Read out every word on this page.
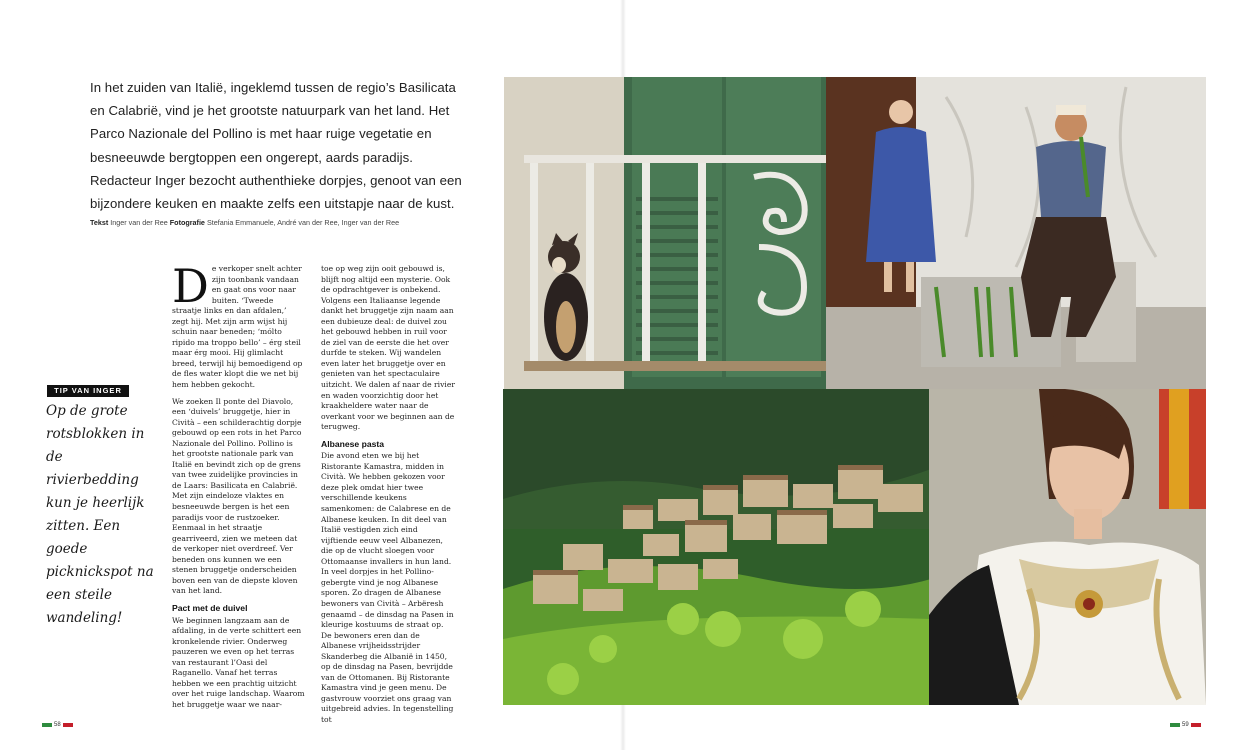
In het zuiden van Italië, ingeklemd tussen de regio’s Basilicata en Calabrië, vind je het grootste natuurpark van het land. Het Parco Nazionale del Pollino is met haar ruige vegetatie en besneeuwde bergtoppen een ongerept, aards paradijs. Redacteur Inger bezocht authenthieke dorpjes, genoot van een bijzondere keuken en maakte zelfs een uitstapje naar de kust.
Tekst Inger van der Ree Fotografie Stefania Emmanuele, André van der Ree, Inger van der Ree
TIP VAN INGER
Op de grote rotsblokken in de rivierbedding kun je heerlijk zitten. Een goede picknickspot na een steile wandeling!

De verkoper snelt achter zijn toonbank vandaan en gaat ons voor naar buiten. ‘Tweede straatje links en dan afdalen,’ zegt hij. Met zijn arm wijst hij schuin naar beneden; ‘mólto ripido ma troppo bello’ – érg steil maar érg mooi. Hij glimlacht breed, terwijl hij bemoedigend op de fles water klopt die we net bij hem hebben gekocht.

We zoeken Il ponte del Diavolo, een ‘duivels’ bruggetje, hier in Cività – een schilderachtig dorpje gebouwd op een rots in het Parco Nazionale del Pollino. Pollino is het grootste nationale park van Italië en bevindt zich op de grens van twee zuidelijke provincies in de Laars: Basilicata en Calabrië. Met zijn eindeloze vlaktes en besneeuwde bergen is het een paradijs voor de rustzoeker. Eenmaal in het straatje gearriveerd, zien we meteen dat de verkoper niet overdreef. Ver beneden ons kunnen we een stenen bruggetje onderscheiden boven een van de diepste kloven van het land.

Pact met de duivel

We beginnen langzaam aan de afdaling, in de verte schittert een kronkelende rivier. Onderweg pauzeren we even op het terras van restaurant l’Oasi del Raganello. Vanaf het terras hebben we een prachtig uitzicht over het ruige landschap. Waarom het bruggetje waar we naar-

toe op weg zijn ooit gebouwd is, blijft nog altijd een mysterie. Ook de opdrachtgever is onbekend. Volgens een Italiaanse legende dankt het bruggetje zijn naam aan een dubieuze deal: de duivel zou het gebouwd hebben in ruil voor de ziel van de eerste die het over durfde te steken. Wij wandelen even later het bruggetje over en genieten van het spectaculaire uitzicht. We dalen af naar de rivier en waden voorzichtig door het kraakheldere water naar de overkant voor we beginnen aan de terugweg.

Albanese pasta

Die avond eten we bij het Ristorante Kamastra, midden in Cività. We hebben gekozen voor deze plek omdat hier twee verschillende keukens samenkomen: de Calabrese en de Albanese keuken. In dit deel van Italië vestigden zich eind vijftiende eeuw veel Albanezen, die op de vlucht sloegen voor Ottomaanse invallers in hun land. In veel dorpjes in het Pollino-gebergte vind je nog Albanese sporen. Zo dragen de Albanese bewoners van Cività – Arbëresh genaamd – de dinsdag na Pasen in kleurige kostuums de straat op. De bewoners eren dan de Albanese vrijheidsstrijder Skanderbeg die Albanië in 1450, op de dinsdag na Pasen, bevrijdde van de Ottomanen. Bij Ristorante Kamastra vind je geen menu. De gastvrouw voorziet ons graag van uitgebreid advies. In tegenstelling tot

58	59
